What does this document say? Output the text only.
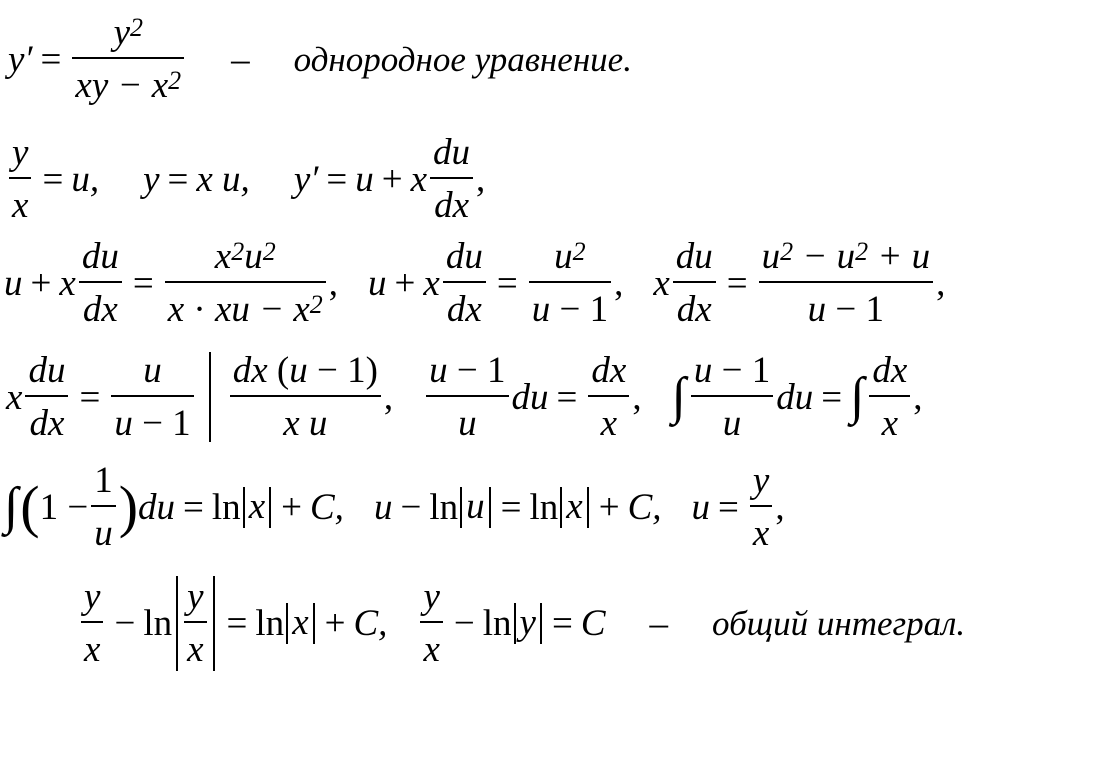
$y' = \frac{y^2}{xy - x^2}$ – однородное уравнение.
$\frac{y}{x} = u$, y = x u, y′ = u + x $\frac{du}{dx}$ ,
u + x $\frac{du}{dx} = \frac{x^2u^2}{x \cdot xu - x^2}$ , u + x $\frac{du}{dx} = \frac{u^2}{u - 1}$ , x $\frac{du}{dx} = \frac{u^2 - u^2 + u}{u - 1}$ ,
x $\frac{du}{dx} = \frac{u}{u - 1} \frac{dx (u - 1)}{\text{x u}}$ , $\frac{u - 1}{u}$ du = $\frac{dx}{x}$ , ∫ $\frac{u - 1}{u}$ du = ∫ $\frac{dx}{x}$ ,
∫ ( $1 - \frac{1}{u}$ ) du = ln x + C, u − ln u = ln x + C, $u = \frac{y}{x}$ ,
$\frac{y}{x} - \ln \frac{y}{x} = \ln x + C$, $\frac{y}{x} - \ln y = C$ – общий интеграл.
